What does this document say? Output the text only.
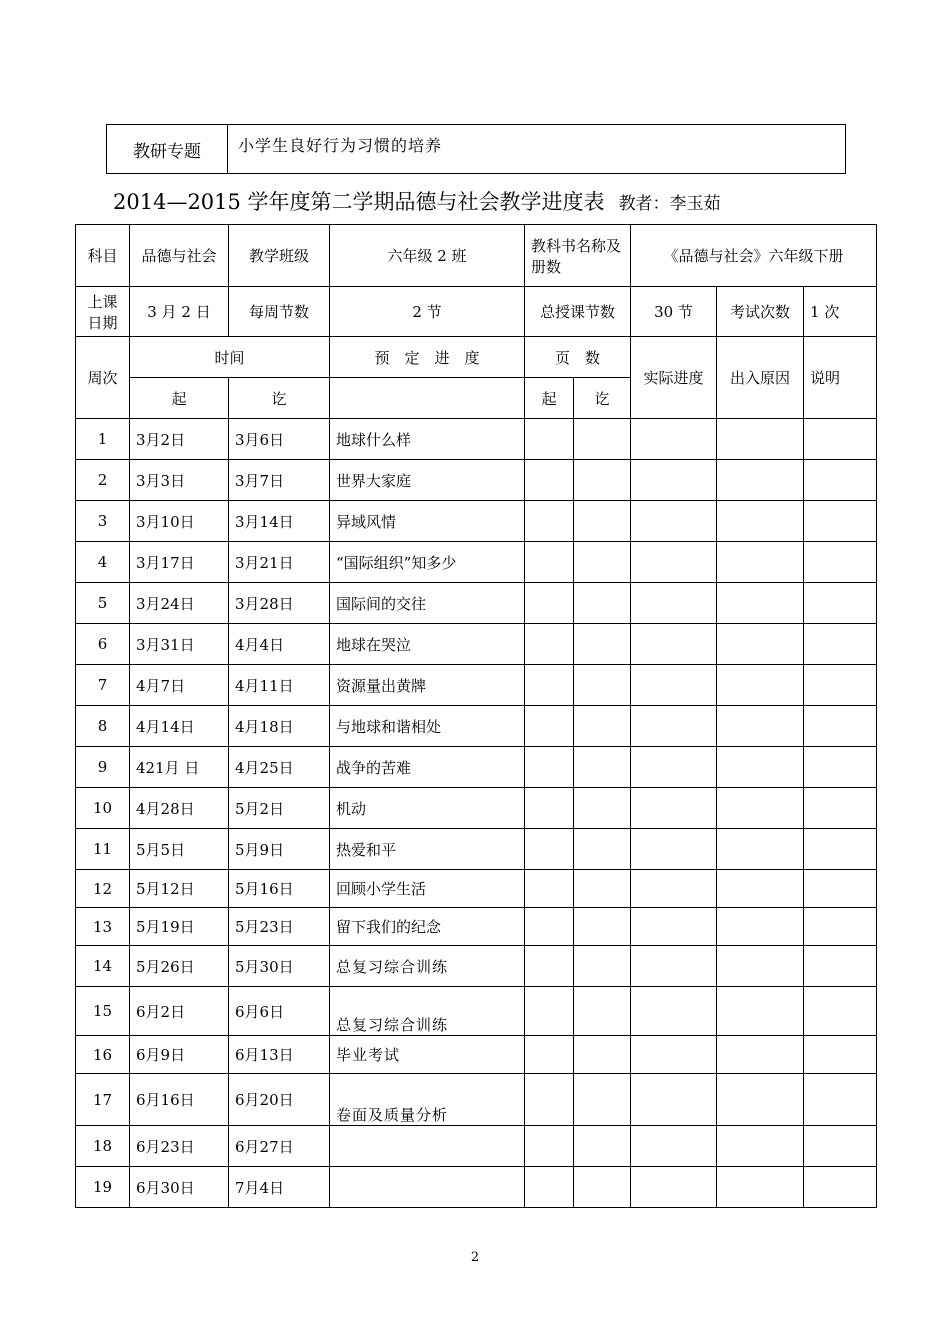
教研专题	小学生良好行为习惯的培养
2014—2015 学年度第二学期品德与社会教学进度表 教者：李玉茹
科目	品德与社会	教学班级	六年级 2 班	教科书名称及册数		《品德与社会》六年级下册		
上课日期	3 月 2 日	每周节数	2 节	总授课节数		30 节	考试次数	1 次
周次	时间		预　定　进　度	页　数		实际进度	出入原因	说明
	起	讫		起	讫			
1	3月2日	3月6日	地球什么样					
2	3月3日	3月7日	世界大家庭					
3	3月10日	3月14日	异域风情					
4	3月17日	3月21日	“国际组织”知多少					
5	3月24日	3月28日	国际间的交往					
6	3月31日	4月4日	地球在哭泣					
7	4月7日	4月11日	资源量出黄牌					
8	4月14日	4月18日	与地球和谐相处					
9	421月 日	4月25日	战争的苦难					
10	4月28日	5月2日	机动					
11	5月5日	5月9日	热爱和平					
12	5月12日	5月16日	回顾小学生活					
13	5月19日	5月23日	留下我们的纪念					
14	5月26日	5月30日	总复习综合训练					
15	6月2日	6月6日	总复习综合训练					
16	6月9日	6月13日	毕业考试					
17	6月16日	6月20日	卷面及质量分析					
18	6月23日	6月27日						
19	6月30日	7月4日						
2
